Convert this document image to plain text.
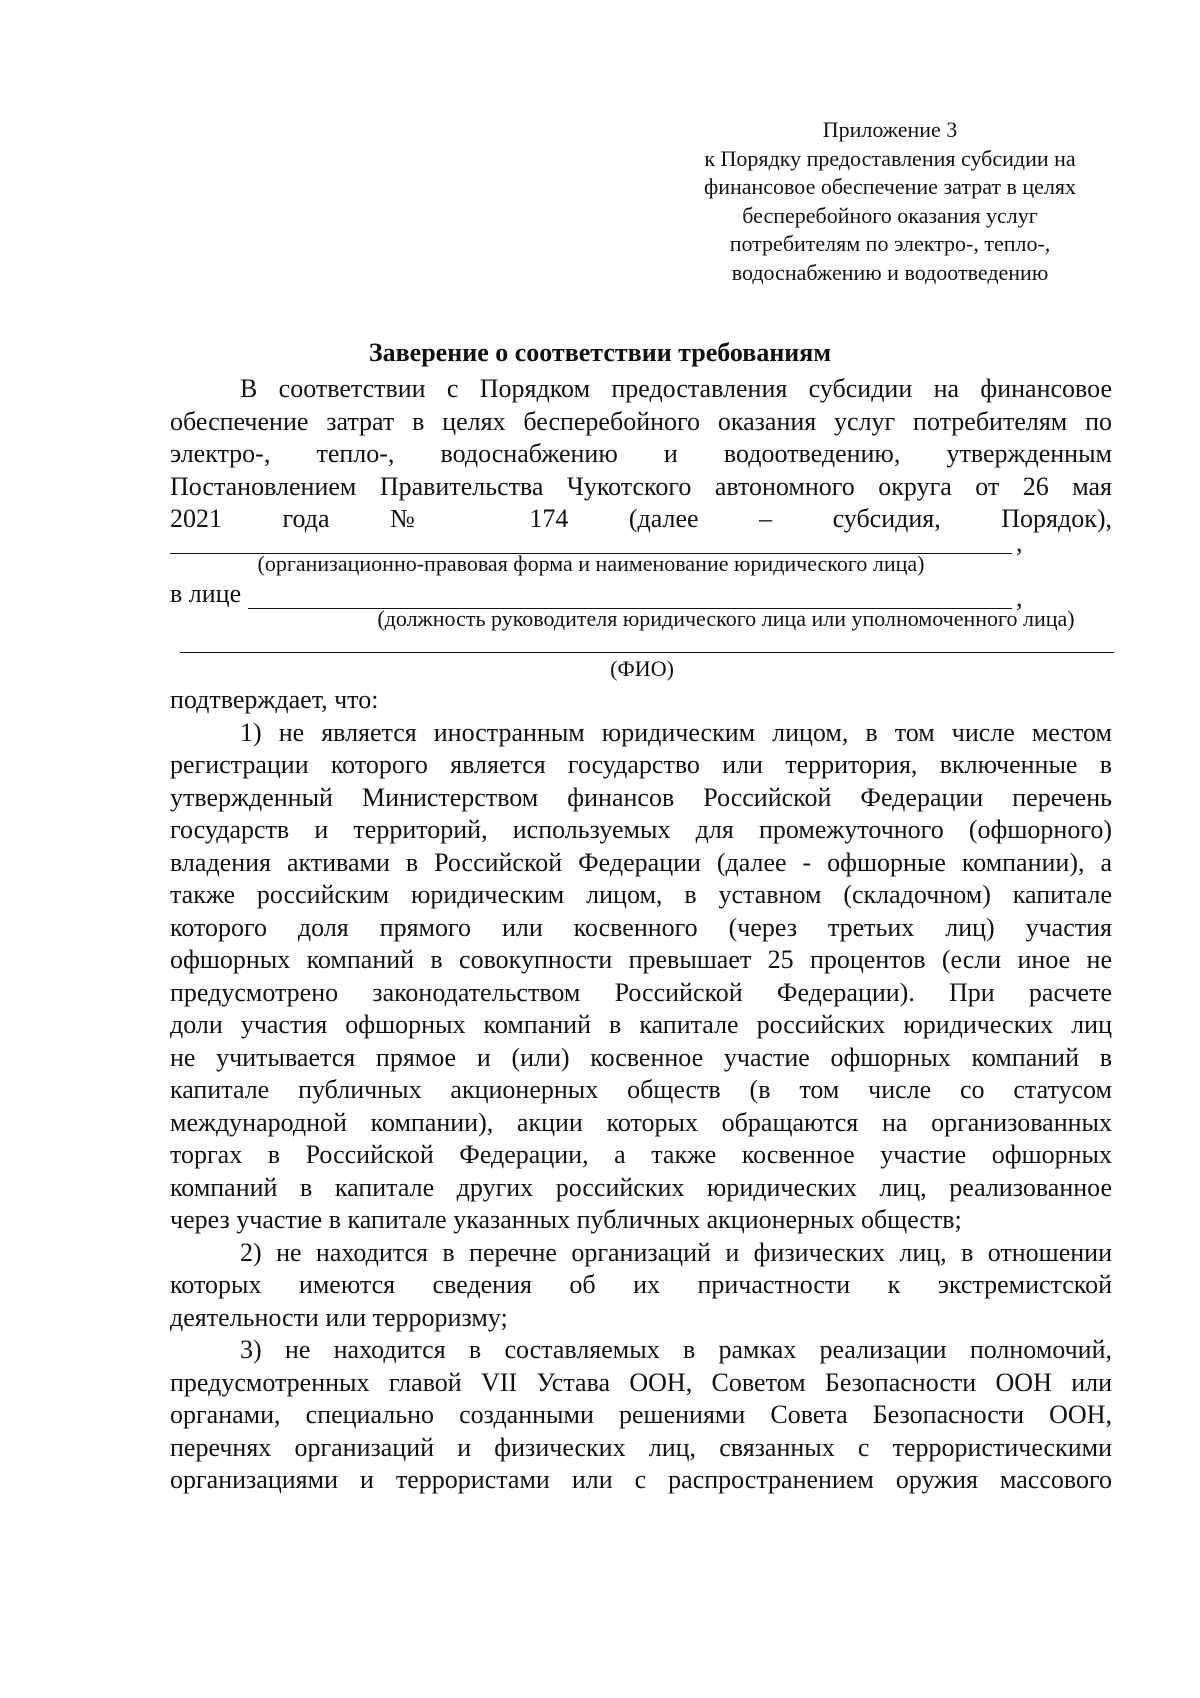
Приложение 3
к Порядку предоставления субсидии на
финансовое обеспечение затрат в целях
бесперебойного оказания услуг
потребителям по электро-, тепло-,
водоснабжению и водоотведению
Заверение о соответствии требованиям
В соответствии с Порядком предоставления субсидии на финансовое
обеспечение затрат в целях бесперебойного оказания услуг потребителям по
электро-, тепло-, водоснабжению и водоотведению, утвержденным
Постановлением Правительства Чукотского автономного округа от 26 мая
2021 года № 174 (далее – субсидия, Порядок),
,
(организационно-правовая форма и наименование юридического лица)
в лице	,
(должность руководителя юридического лица или уполномоченного лица)
(ФИО)
подтверждает, что:
1) не является иностранным юридическим лицом, в том числе местом
регистрации которого является государство или территория, включенные в
утвержденный Министерством финансов Российской Федерации перечень
государств и территорий, используемых для промежуточного (офшорного)
владения активами в Российской Федерации (далее - офшорные компании), а
также российским юридическим лицом, в уставном (складочном) капитале
которого доля прямого или косвенного (через третьих лиц) участия
офшорных компаний в совокупности превышает 25 процентов (если иное не
предусмотрено законодательством Российской Федерации). При расчете
доли участия офшорных компаний в капитале российских юридических лиц
не учитывается прямое и (или) косвенное участие офшорных компаний в
капитале публичных акционерных обществ (в том числе со статусом
международной компании), акции которых обращаются на организованных
торгах в Российской Федерации, а также косвенное участие офшорных
компаний в капитале других российских юридических лиц, реализованное
через участие в капитале указанных публичных акционерных обществ;
2) не находится в перечне организаций и физических лиц, в отношении
которых имеются сведения об их причастности к экстремистской
деятельности или терроризму;
3) не находится в составляемых в рамках реализации полномочий,
предусмотренных главой VII Устава ООН, Советом Безопасности ООН или
органами, специально созданными решениями Совета Безопасности ООН,
перечнях организаций и физических лиц, связанных с террористическими
организациями и террористами или с распространением оружия массового
